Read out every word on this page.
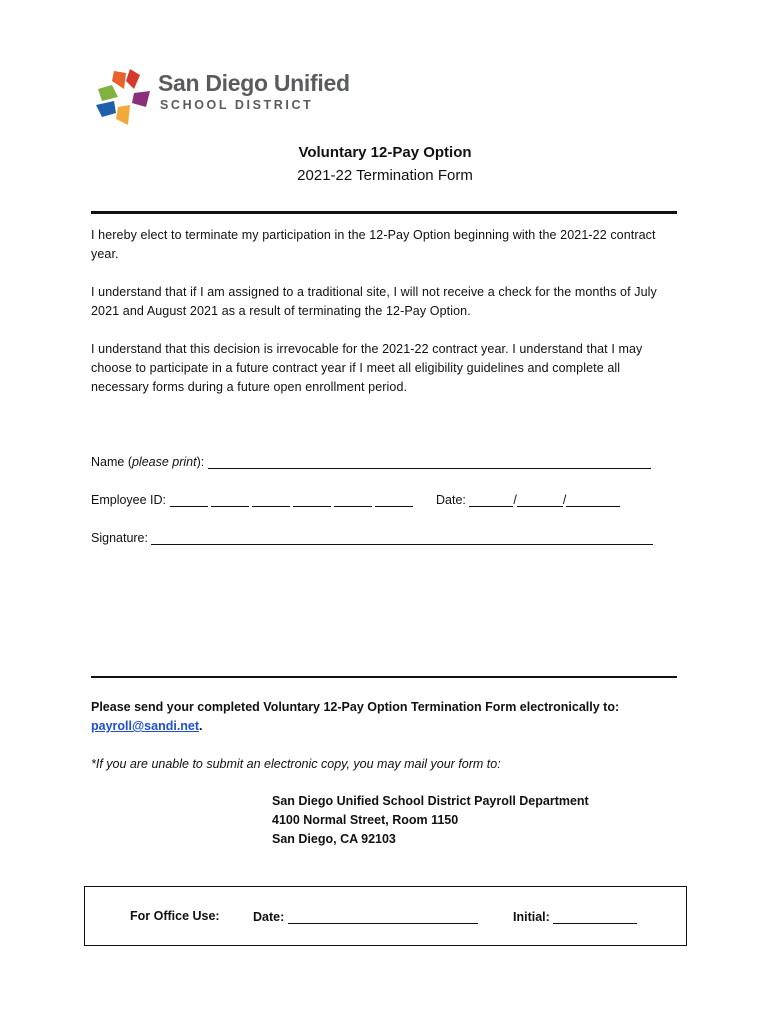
San Diego Unified
SCHOOL DISTRICT
Voluntary 12-Pay Option
2021-22 Termination Form
I hereby elect to terminate my participation in the 12-Pay Option beginning with the 2021-22 contract year.
I understand that if I am assigned to a traditional site, I will not receive a check for the months of July 2021 and August 2021 as a result of terminating the 12-Pay Option.
I understand that this decision is irrevocable for the 2021-22 contract year. I understand that I may choose to participate in a future contract year if I meet all eligibility guidelines and complete all necessary forms during a future open enrollment period.
Name (please print):
Employee ID:	Date:	/	/
Signature:
Please send your completed Voluntary 12-Pay Option Termination Form electronically to: payroll@sandi.net.
*If you are unable to submit an electronic copy, you may mail your form to:
San Diego Unified School District Payroll Department
4100 Normal Street, Room 1150
San Diego, CA 92103
For Office Use:	Date:	Initial:
